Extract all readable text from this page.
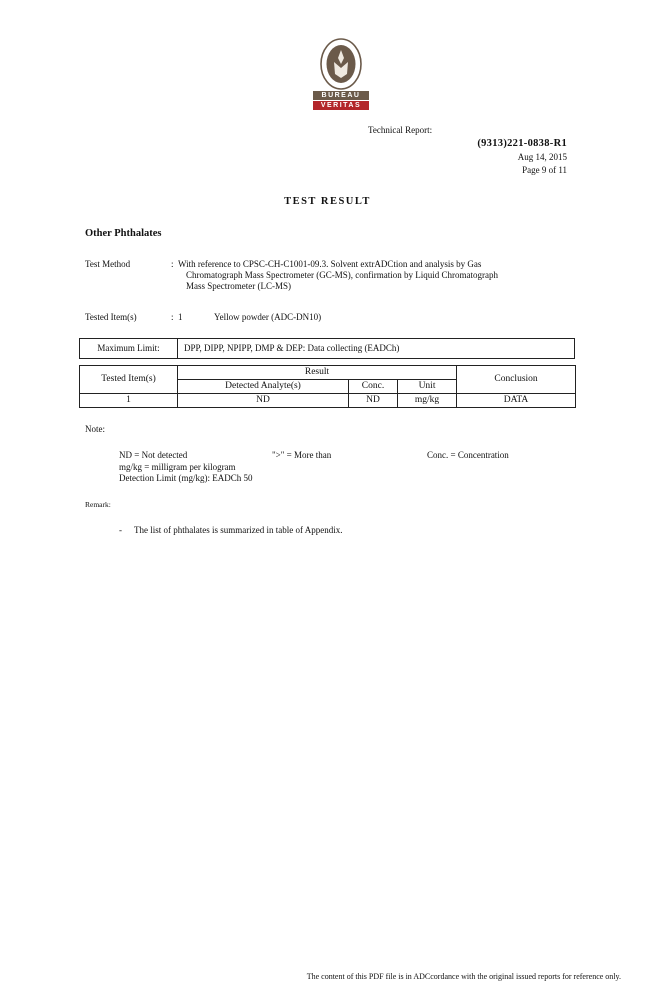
BUREAU
VERITAS
Technical Report:
(9313)221-0838-R1
Aug 14, 2015
Page 9 of 11
TEST RESULT
Other Phthalates
Test Method	: With reference to CPSC-CH-C1001-09.3. Solvent extrADCtion and analysis by Gas
Chromatograph Mass Spectrometer (GC-MS), confirmation by Liquid Chromatograph
Mass Spectrometer (LC-MS)
Tested Item(s)	: 1	Yellow powder (ADC-DN10)
Maximum Limit:	DPP, DIPP, NPIPP, DMP & DEP: Data collecting (EADCh)
Tested Item(s)	Result			Conclusion
	Detected Analyte(s)	Conc.	Unit	
1	ND	ND	mg/kg	DATA
Note:
ND = Not detected	">" = More than	Conc. = Concentration
mg/kg = milligram per kilogram
Detection Limit (mg/kg): EADCh 50
Remark:
- The list of phthalates is summarized in table of Appendix.
The content of this PDF file is in ADCcordance with the original issued reports for reference only.
